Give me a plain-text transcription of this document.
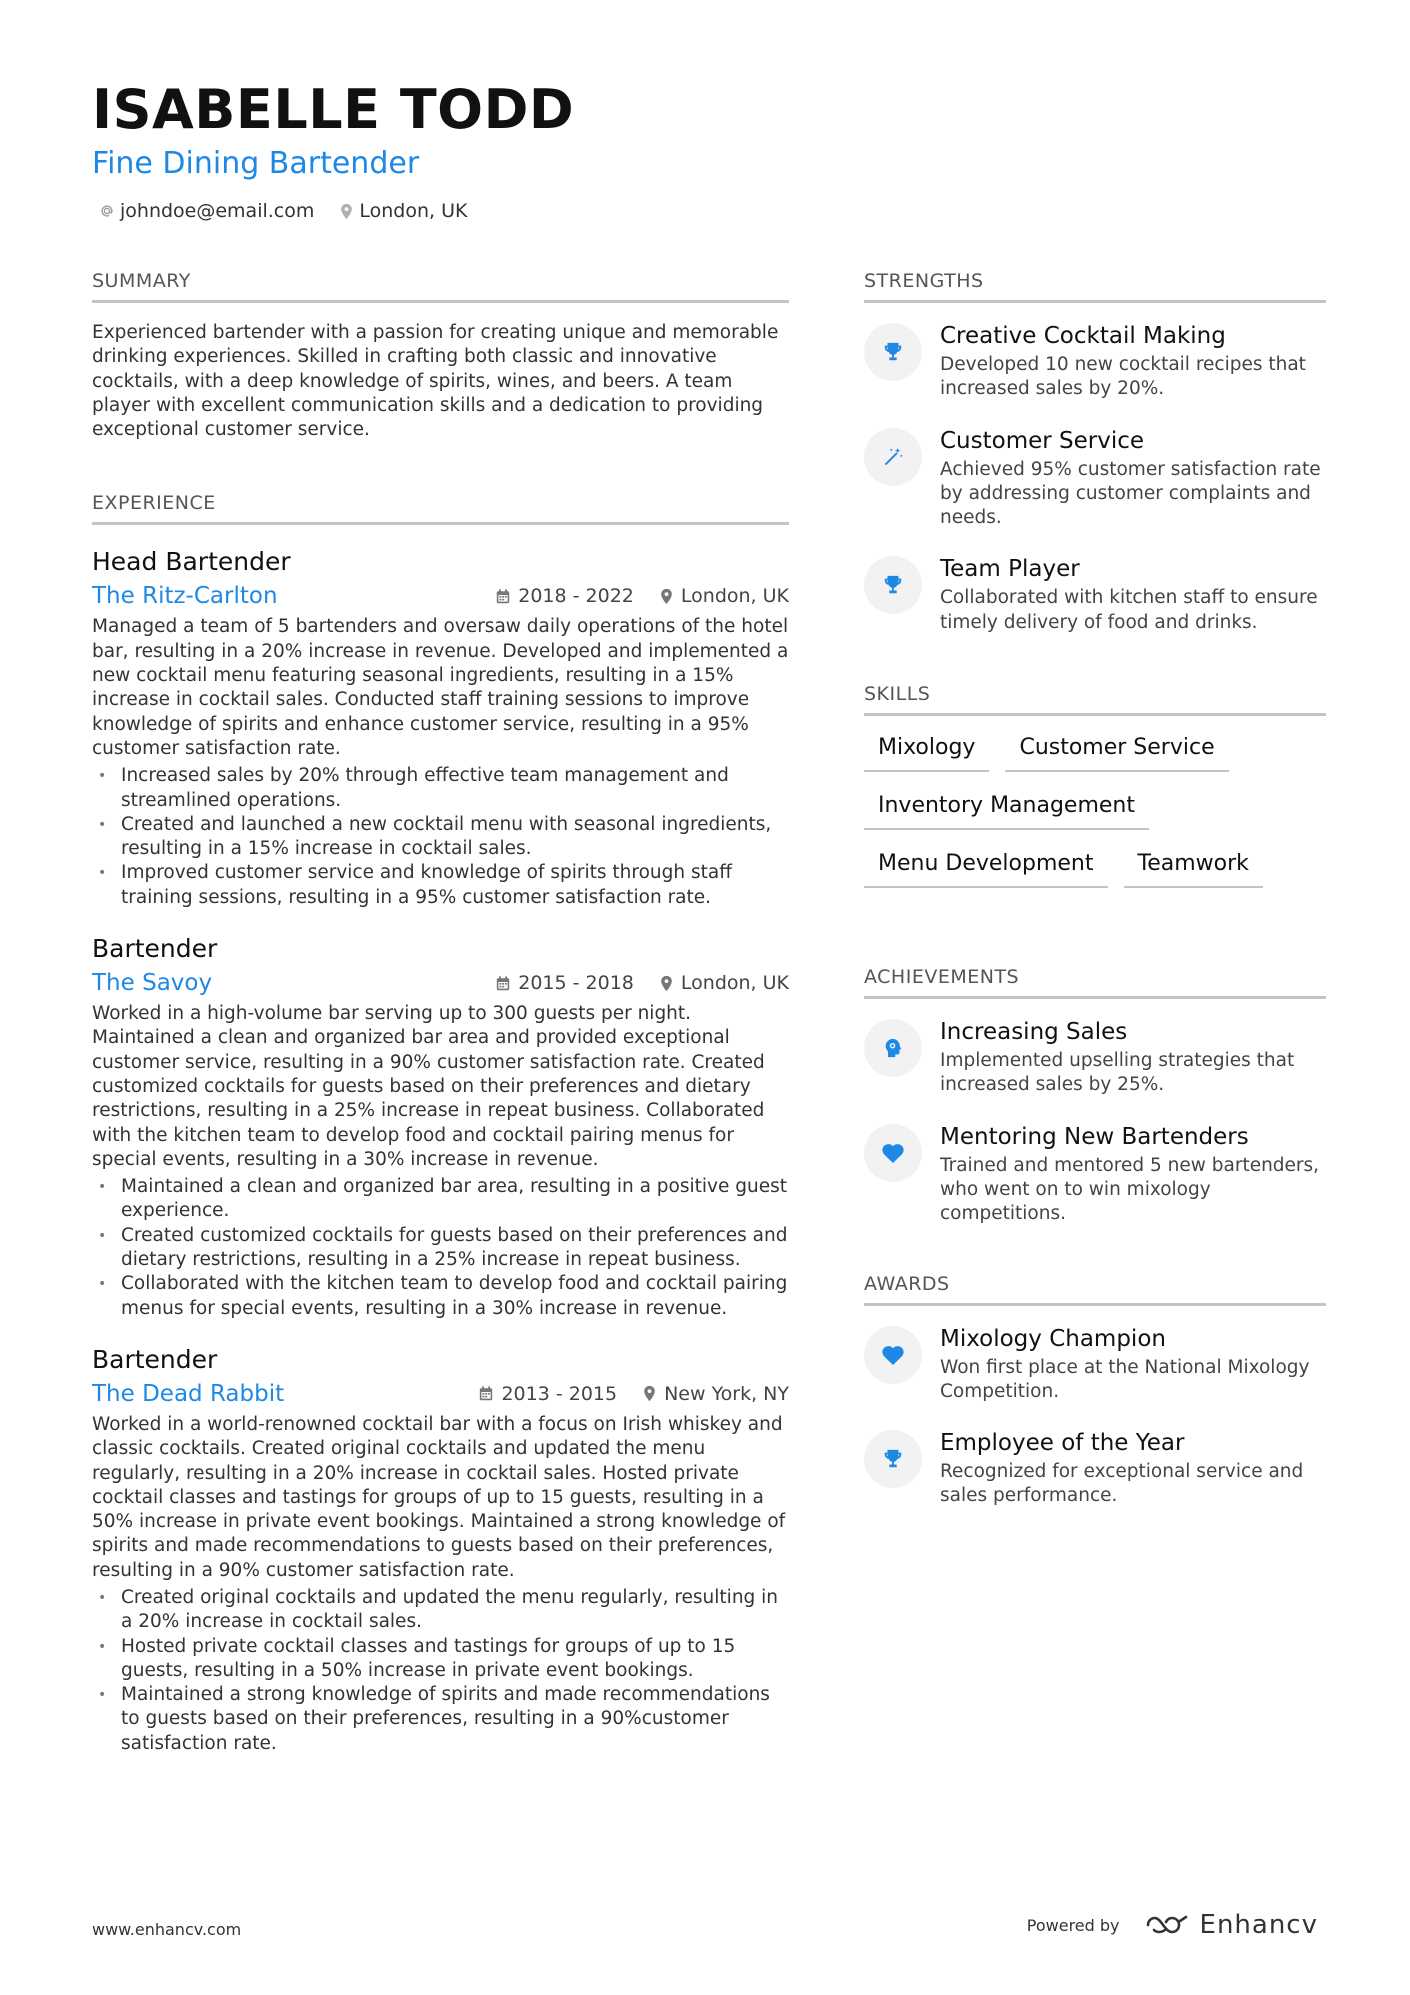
ISABELLE TODD
Fine Dining Bartender
johndoe@email.com London, UK
SUMMARY
Experienced bartender with a passion for creating unique and memorable drinking experiences. Skilled in crafting both classic and innovative cocktails, with a deep knowledge of spirits, wines, and beers. A team player with excellent communication skills and a dedication to providing exceptional customer service.
EXPERIENCE
Head Bartender
The Ritz-Carlton	2018 - 2022 London, UK
Managed a team of 5 bartenders and oversaw daily operations of the hotel bar, resulting in a 20% increase in revenue. Developed and implemented a new cocktail menu featuring seasonal ingredients, resulting in a 15% increase in cocktail sales. Conducted staff training sessions to improve knowledge of spirits and enhance customer service, resulting in a 95% customer satisfaction rate.
• Increased sales by 20% through effective team management and streamlined operations.
• Created and launched a new cocktail menu with seasonal ingredients, resulting in a 15% increase in cocktail sales.
• Improved customer service and knowledge of spirits through staff training sessions, resulting in a 95% customer satisfaction rate.
Bartender
The Savoy	2015 - 2018 London, UK
Worked in a high-volume bar serving up to 300 guests per night. Maintained a clean and organized bar area and provided exceptional customer service, resulting in a 90% customer satisfaction rate. Created customized cocktails for guests based on their preferences and dietary restrictions, resulting in a 25% increase in repeat business. Collaborated with the kitchen team to develop food and cocktail pairing menus for special events, resulting in a 30% increase in revenue.
• Maintained a clean and organized bar area, resulting in a positive guest experience.
• Created customized cocktails for guests based on their preferences and dietary restrictions, resulting in a 25% increase in repeat business.
• Collaborated with the kitchen team to develop food and cocktail pairing menus for special events, resulting in a 30% increase in revenue.
Bartender
The Dead Rabbit	2013 - 2015 New York, NY
Worked in a world-renowned cocktail bar with a focus on Irish whiskey and classic cocktails. Created original cocktails and updated the menu regularly, resulting in a 20% increase in cocktail sales. Hosted private cocktail classes and tastings for groups of up to 15 guests, resulting in a 50% increase in private event bookings. Maintained a strong knowledge of spirits and made recommendations to guests based on their preferences, resulting in a 90% customer satisfaction rate.
• Created original cocktails and updated the menu regularly, resulting in a 20% increase in cocktail sales.
• Hosted private cocktail classes and tastings for groups of up to 15 guests, resulting in a 50% increase in private event bookings.
• Maintained a strong knowledge of spirits and made recommendations to guests based on their preferences, resulting in a 90%customer satisfaction rate.
STRENGTHS
Creative Cocktail Making
Developed 10 new cocktail recipes that increased sales by 20%.
Customer Service
Achieved 95% customer satisfaction rate by addressing customer complaints and needs.
Team Player
Collaborated with kitchen staff to ensure timely delivery of food and drinks.
SKILLS
Mixology	Customer Service
Inventory Management
Menu Development	Teamwork
ACHIEVEMENTS
Increasing Sales
Implemented upselling strategies that increased sales by 25%.
Mentoring New Bartenders
Trained and mentored 5 new bartenders, who went on to win mixology competitions.
AWARDS
Mixology Champion
Won first place at the National Mixology Competition.
Employee of the Year
Recognized for exceptional service and sales performance.
www.enhancv.com	Powered by	Enhancv
